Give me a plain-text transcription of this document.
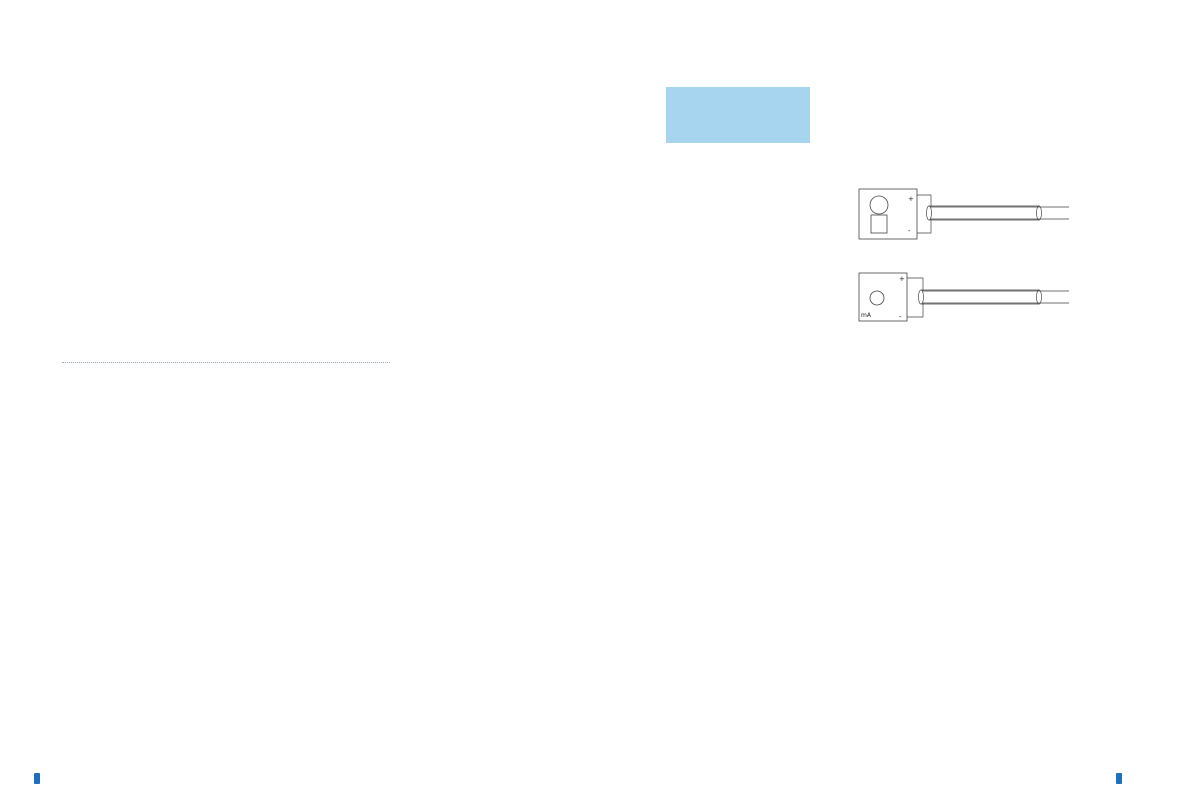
+
-
mA
+
-
